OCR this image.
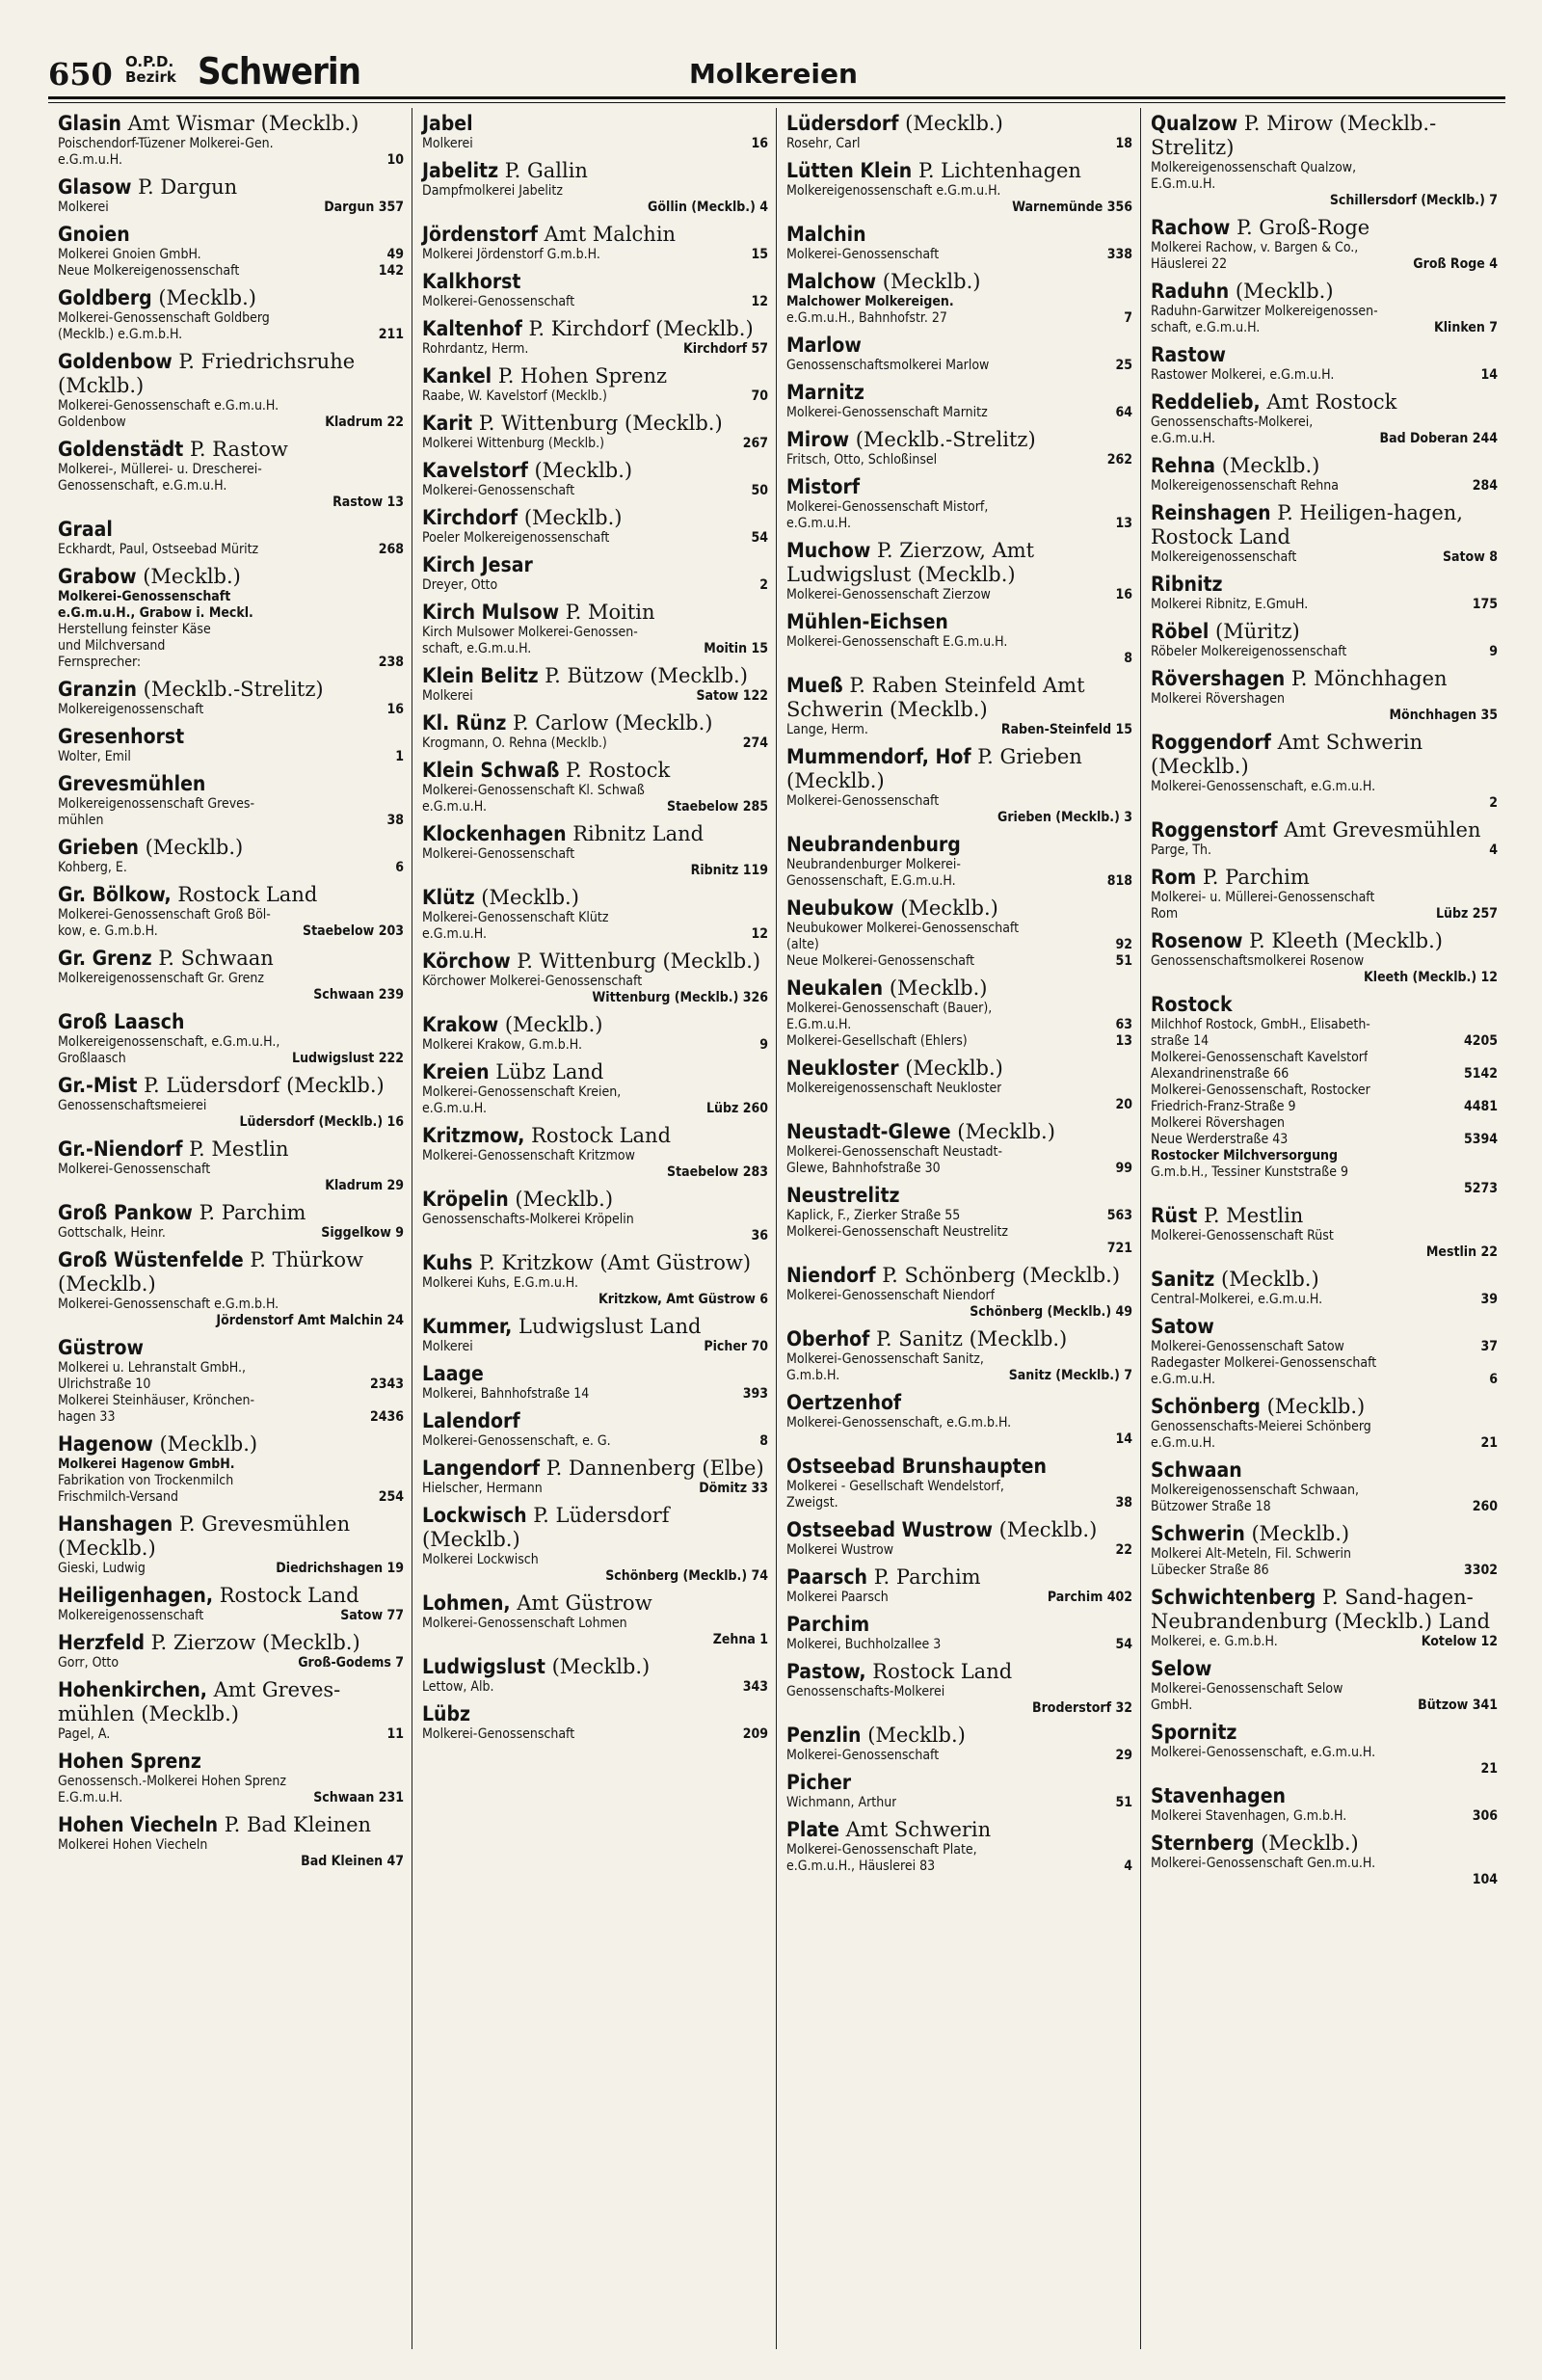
650 O.P.D.
Bezirk Schwerin	Molkereien
Glasin Amt Wismar (Mecklb.)
Poischendorf-Tüzener Molkerei-Gen.
e.G.m.u.H.	10
Glasow P. Dargun
Molkerei	Dargun 357
Gnoien
Molkerei Gnoien GmbH.	49
Neue Molkereigenossenschaft	142
Goldberg (Mecklb.)
Molkerei-Genossenschaft Goldberg
(Mecklb.) e.G.m.b.H.	211
Goldenbow P. Friedrichsruhe (Mcklb.)
Molkerei-Genossenschaft e.G.m.u.H.
Goldenbow	Kladrum 22
Goldenstädt P. Rastow
Molkerei-, Müllerei- u. Drescherei-
Genossenschaft, e.G.m.u.H.
Rastow 13
Graal
Eckhardt, Paul, Ostseebad Müritz	268
Grabow (Mecklb.)
Molkerei-Genossenschaft
e.G.m.u.H., Grabow i. Meckl.
Herstellung feinster Käse
und Milchversand
Fernsprecher:	238
Granzin (Mecklb.-Strelitz)
Molkereigenossenschaft	16
Gresenhorst
Wolter, Emil	1
Grevesmühlen
Molkereigenossenschaft Greves-
mühlen	38
Grieben (Mecklb.)
Kohberg, E.	6
Gr. Bölkow, Rostock Land
Molkerei-Genossenschaft Groß Böl-
kow, e. G.m.b.H.	Staebelow 203
Gr. Grenz P. Schwaan
Molkereigenossenschaft Gr. Grenz
Schwaan 239
Groß Laasch
Molkereigenossenschaft, e.G.m.u.H.,
Großlaasch	Ludwigslust 222
Gr.-Mist P. Lüdersdorf (Mecklb.)
Genossenschaftsmeierei
Lüdersdorf (Mecklb.) 16
Gr.-Niendorf P. Mestlin
Molkerei-Genossenschaft
Kladrum 29
Groß Pankow P. Parchim
Gottschalk, Heinr.	Siggelkow 9
Groß Wüstenfelde P. Thürkow (Mecklb.)
Molkerei-Genossenschaft e.G.m.b.H.
Jördenstorf Amt Malchin 24
Güstrow
Molkerei u. Lehranstalt GmbH.,
Ulrichstraße 10	2343
Molkerei Steinhäuser, Krönchen-
hagen 33	2436
Hagenow (Mecklb.)
Molkerei Hagenow GmbH.
Fabrikation von Trockenmilch
Frischmilch-Versand	254
Hanshagen P. Grevesmühlen (Mecklb.)
Gieski, Ludwig	Diedrichshagen 19
Heiligenhagen, Rostock Land
Molkereigenossenschaft	Satow 77
Herzfeld P. Zierzow (Mecklb.)
Gorr, Otto	Groß-Godems 7
Hohenkirchen, Amt Greves-mühlen (Mecklb.)
Pagel, A.	11
Hohen Sprenz
Genossensch.-Molkerei Hohen Sprenz
E.G.m.u.H.	Schwaan 231
Hohen Viecheln P. Bad Kleinen
Molkerei Hohen Viecheln
Bad Kleinen 47
Jabel
Molkerei	16
Jabelitz P. Gallin
Dampfmolkerei Jabelitz
Göllin (Mecklb.) 4
Jördenstorf Amt Malchin
Molkerei Jördenstorf G.m.b.H.	15
Kalkhorst
Molkerei-Genossenschaft	12
Kaltenhof P. Kirchdorf (Mecklb.)
Rohrdantz, Herm.	Kirchdorf 57
Kankel P. Hohen Sprenz
Raabe, W. Kavelstorf (Mecklb.)	70
Karit P. Wittenburg (Mecklb.)
Molkerei Wittenburg (Mecklb.)	267
Kavelstorf (Mecklb.)
Molkerei-Genossenschaft	50
Kirchdorf (Mecklb.)
Poeler Molkereigenossenschaft	54
Kirch Jesar
Dreyer, Otto	2
Kirch Mulsow P. Moitin
Kirch Mulsower Molkerei-Genossen-
schaft, e.G.m.u.H.	Moitin 15
Klein Belitz P. Bützow (Mecklb.)
Molkerei	Satow 122
Kl. Rünz P. Carlow (Mecklb.)
Krogmann, O. Rehna (Mecklb.)	274
Klein Schwaß P. Rostock
Molkerei-Genossenschaft Kl. Schwaß
e.G.m.u.H.	Staebelow 285
Klockenhagen Ribnitz Land
Molkerei-Genossenschaft
Ribnitz 119
Klütz (Mecklb.)
Molkerei-Genossenschaft Klütz
e.G.m.u.H.	12
Körchow P. Wittenburg (Mecklb.)
Körchower Molkerei-Genossenschaft
Wittenburg (Mecklb.) 326
Krakow (Mecklb.)
Molkerei Krakow, G.m.b.H.	9
Kreien Lübz Land
Molkerei-Genossenschaft Kreien,
e.G.m.u.H.	Lübz 260
Kritzmow, Rostock Land
Molkerei-Genossenschaft Kritzmow
Staebelow 283
Kröpelin (Mecklb.)
Genossenschafts-Molkerei Kröpelin
36
Kuhs P. Kritzkow (Amt Güstrow)
Molkerei Kuhs, E.G.m.u.H.
Kritzkow, Amt Güstrow 6
Kummer, Ludwigslust Land
Molkerei	Picher 70
Laage
Molkerei, Bahnhofstraße 14	393
Lalendorf
Molkerei-Genossenschaft, e. G.	8
Langendorf P. Dannenberg (Elbe)
Hielscher, Hermann	Dömitz 33
Lockwisch P. Lüdersdorf (Mecklb.)
Molkerei Lockwisch
Schönberg (Mecklb.) 74
Lohmen, Amt Güstrow
Molkerei-Genossenschaft Lohmen
Zehna 1
Ludwigslust (Mecklb.)
Lettow, Alb.	343
Lübz
Molkerei-Genossenschaft	209
Lüdersdorf (Mecklb.)
Rosehr, Carl	18
Lütten Klein P. Lichtenhagen
Molkereigenossenschaft e.G.m.u.H.
Warnemünde 356
Malchin
Molkerei-Genossenschaft	338
Malchow (Mecklb.)
Malchower Molkereigen.
e.G.m.u.H., Bahnhofstr. 27	7
Marlow
Genossenschaftsmolkerei Marlow	25
Marnitz
Molkerei-Genossenschaft Marnitz	64
Mirow (Mecklb.-Strelitz)
Fritsch, Otto, Schloßinsel	262
Mistorf
Molkerei-Genossenschaft Mistorf,
e.G.m.u.H.	13
Muchow P. Zierzow, Amt Ludwigslust (Mecklb.)
Molkerei-Genossenschaft Zierzow	16
Mühlen-Eichsen
Molkerei-Genossenschaft E.G.m.u.H.
8
Mueß P. Raben Steinfeld Amt Schwerin (Mecklb.)
Lange, Herm.	Raben-Steinfeld 15
Mummendorf, Hof P. Grieben (Mecklb.)
Molkerei-Genossenschaft
Grieben (Mecklb.) 3
Neubrandenburg
Neubrandenburger Molkerei-
Genossenschaft, E.G.m.u.H.	818
Neubukow (Mecklb.)
Neubukower Molkerei-Genossenschaft
(alte)	92
Neue Molkerei-Genossenschaft	51
Neukalen (Mecklb.)
Molkerei-Genossenschaft (Bauer),
E.G.m.u.H.	63
Molkerei-Gesellschaft (Ehlers)	13
Neukloster (Mecklb.)
Molkereigenossenschaft Neukloster
20
Neustadt-Glewe (Mecklb.)
Molkerei-Genossenschaft Neustadt-
Glewe, Bahnhofstraße 30	99
Neustrelitz
Kaplick, F., Zierker Straße 55	563
Molkerei-Genossenschaft Neustrelitz
721
Niendorf P. Schönberg (Mecklb.)
Molkerei-Genossenschaft Niendorf
Schönberg (Mecklb.) 49
Oberhof P. Sanitz (Mecklb.)
Molkerei-Genossenschaft Sanitz,
G.m.b.H.	Sanitz (Mecklb.) 7
Oertzenhof
Molkerei-Genossenschaft, e.G.m.b.H.
14
Ostseebad Brunshaupten
Molkerei - Gesellschaft Wendelstorf,
Zweigst.	38
Ostseebad Wustrow (Mecklb.)
Molkerei Wustrow	22
Paarsch P. Parchim
Molkerei Paarsch	Parchim 402
Parchim
Molkerei, Buchholzallee 3	54
Pastow, Rostock Land
Genossenschafts-Molkerei
Broderstorf 32
Penzlin (Mecklb.)
Molkerei-Genossenschaft	29
Picher
Wichmann, Arthur	51
Plate Amt Schwerin
Molkerei-Genossenschaft Plate,
e.G.m.u.H., Häuslerei 83	4
Qualzow P. Mirow (Mecklb.-Strelitz)
Molkereigenossenschaft Qualzow,
E.G.m.u.H.
Schillersdorf (Mecklb.) 7
Rachow P. Groß-Roge
Molkerei Rachow, v. Bargen & Co.,
Häuslerei 22	Groß Roge 4
Raduhn (Mecklb.)
Raduhn-Garwitzer Molkereigenossen-
schaft, e.G.m.u.H.	Klinken 7
Rastow
Rastower Molkerei, e.G.m.u.H.	14
Reddelieb, Amt Rostock
Genossenschafts-Molkerei,
e.G.m.u.H.	Bad Doberan 244
Rehna (Mecklb.)
Molkereigenossenschaft Rehna	284
Reinshagen P. Heiligen-hagen, Rostock Land
Molkereigenossenschaft	Satow 8
Ribnitz
Molkerei Ribnitz, E.GmuH.	175
Röbel (Müritz)
Röbeler Molkereigenossenschaft	9
Rövershagen P. Mönchhagen
Molkerei Rövershagen
Mönchhagen 35
Roggendorf Amt Schwerin (Mecklb.)
Molkerei-Genossenschaft, e.G.m.u.H.
2
Roggenstorf Amt Grevesmühlen
Parge, Th.	4
Rom P. Parchim
Molkerei- u. Müllerei-Genossenschaft
Rom	Lübz 257
Rosenow P. Kleeth (Mecklb.)
Genossenschaftsmolkerei Rosenow
Kleeth (Mecklb.) 12
Rostock
Milchhof Rostock, GmbH., Elisabeth-
straße 14	4205
Molkerei-Genossenschaft Kavelstorf
Alexandrinenstraße 66	5142
Molkerei-Genossenschaft, Rostocker
Friedrich-Franz-Straße 9	4481
Molkerei Rövershagen
Neue Werderstraße 43	5394
Rostocker Milchversorgung
G.m.b.H., Tessiner Kunststraße 9
5273
Rüst P. Mestlin
Molkerei-Genossenschaft Rüst
Mestlin 22
Sanitz (Mecklb.)
Central-Molkerei, e.G.m.u.H.	39
Satow
Molkerei-Genossenschaft Satow	37
Radegaster Molkerei-Genossenschaft
e.G.m.u.H.	6
Schönberg (Mecklb.)
Genossenschafts-Meierei Schönberg
e.G.m.u.H.	21
Schwaan
Molkereigenossenschaft Schwaan,
Bützower Straße 18	260
Schwerin (Mecklb.)
Molkerei Alt-Meteln, Fil. Schwerin
Lübecker Straße 86	3302
Schwichtenberg P. Sand-hagen-Neubrandenburg (Mecklb.) Land
Molkerei, e. G.m.b.H.	Kotelow 12
Selow
Molkerei-Genossenschaft Selow
GmbH.	Bützow 341
Spornitz
Molkerei-Genossenschaft, e.G.m.u.H.
21
Stavenhagen
Molkerei Stavenhagen, G.m.b.H.	306
Sternberg (Mecklb.)
Molkerei-Genossenschaft Gen.m.u.H.
104
